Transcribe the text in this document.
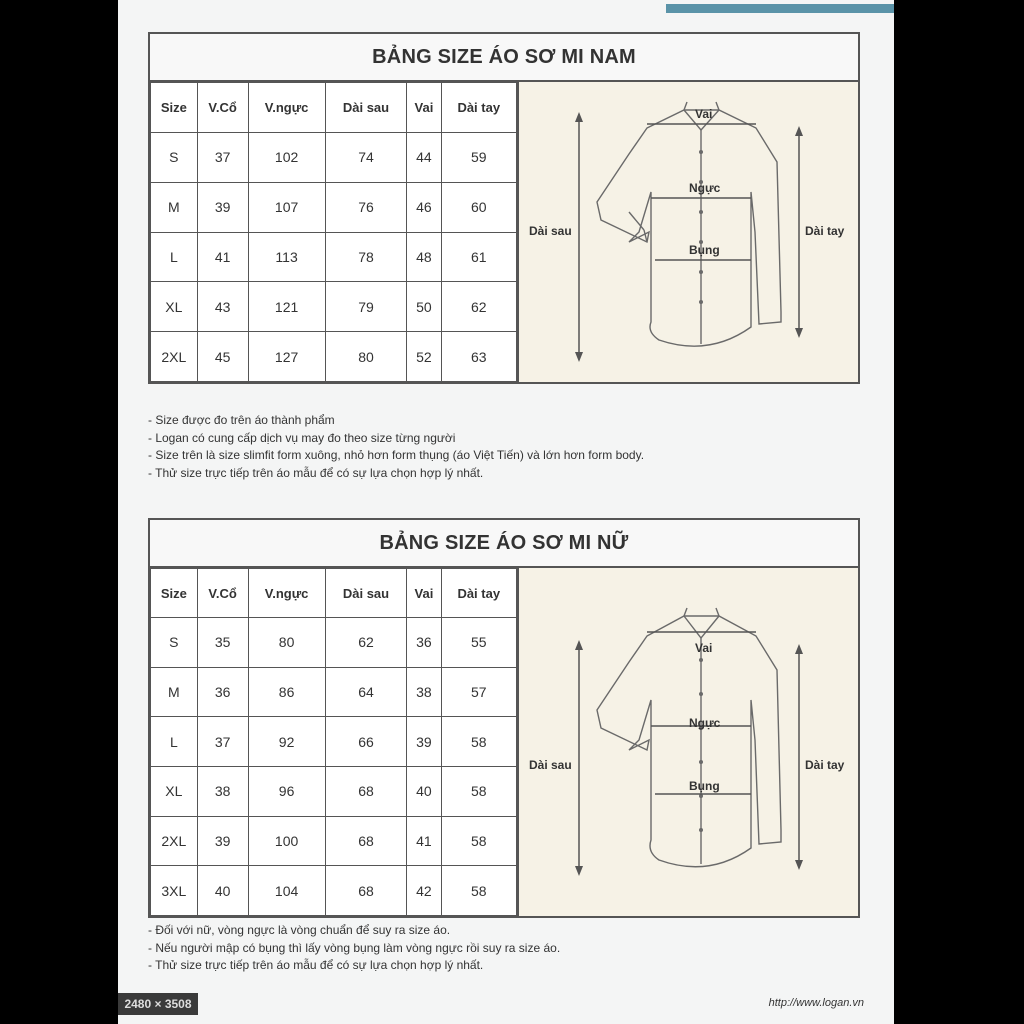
BẢNG SIZE ÁO SƠ MI NAM
Size	V.Cổ	V.ngực	Dài sau	Vai	Dài tay
S	37	102	74	44	59
M	39	107	76	46	60
L	41	113	78	48	61
XL	43	121	79	50	62
2XL	45	127	80	52	63
Vai
Ngực
Bụng
Dài sau	Dài tay
- Size được đo trên áo thành phẩm
- Logan có cung cấp dịch vụ may đo theo size từng người
- Size trên là size slimfit form xuông, nhỏ hơn form thụng (áo Việt Tiến) và lớn hơn form body.
- Thử size trực tiếp trên áo mẫu để có sự lựa chọn hợp lý nhất.
BẢNG SIZE ÁO SƠ MI NỮ
Size	V.Cổ	V.ngực	Dài sau	Vai	Dài tay
S	35	80	62	36	55
M	36	86	64	38	57
L	37	92	66	39	58
XL	38	96	68	40	58
2XL	39	100	68	41	58
3XL	40	104	68	42	58
Vai
Ngực
Bụng
Dài sau	Dài tay
- Đối với nữ, vòng ngực là vòng chuẩn để suy ra size áo.
- Nếu người mập có bụng thì lấy vòng bụng làm vòng ngực rồi suy ra size áo.
- Thử size trực tiếp trên áo mẫu để có sự lựa chọn hợp lý nhất.
http://www.logan.vn
2480 × 3508
